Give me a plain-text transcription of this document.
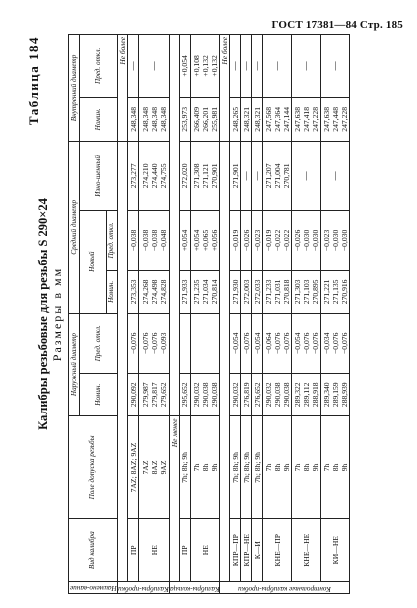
ГОСТ 17381—84 Стр. 185
Таблица 184
Калибры резьбовые для резьбы S 290×24 Размеры в мм
Наимено-вание	Вид калибра	Поле допуска резьбы	Наружный диаметр		Средний диаметр			Внутренний диаметр	
			Номин.	Пред. откл.	Новый		Изно-шенный	Номин.	Пред. откл.
					Номин.	Пред. откл.			

Калибры-пробки								Не более	
	ПР	7AZ; 8AZ; 9AZ	290,092	−0,076	273,353	−0,038	273,277	248,348	—
	НЕ	7AZ 8AZ 9AZ	279,987 279,817 279,652	−0,076 −0,076 −0,093	274,268 274,498 274,828	−0,038 −0,038 −0,048	274,210 274,440 274,755	248,348 248,348 248,348	—

Калибры-кольца	Не менее								
	ПР	7h; 8h; 9h	295,652		271,933	+0,054	272,020	253,973	+0,054
	НЕ	7h 8h 9h	290,032 290,038 290,038		271,235 271,034 270,814	+0,054 +0,065 +0,056	271,308 271,121 270,901	266,409 266,201 255,981	+0,108 +0,132 +0,132

Контрольные калибры-пробки								Не более	
	КПР—ПР	7h; 8h; 9h	290,032	−0,054	271,930	−0,019	271,901	248,265	—
	КПР—НЕ	7h; 8h; 9h	276,819	−0,076	272,003	−0,026	—	248,321	—
	К—И	7h; 8h; 9h	276,652	−0,054	272,033	−0,023	—	248,321	—
	КНЕ—ПР	7h 8h 9h	290,032 290,038 290,038	−0,064 −0,076 −0,076	271,233 271,031 270,818	−0,019 −0,022 −0,022	271,207 271,004 270,781	247,568 247,364 247,144	—
	КНЕ—НЕ	7h 8h 9h	289,322 289,112 288,918	−0,054 −0,076 −0,076	271,303 271,103 270,895	−0,026 −0,030 −0,030	—	247,638 247,418 247,228	—
	КИ—НЕ	7h 8h 9h	289,340 289,159 288,939	−0,034 −0,076 −0,076	271,221 271,135 270,916	−0,023 −0,030 −0,030	—	247,638 247,448 247,228	—
